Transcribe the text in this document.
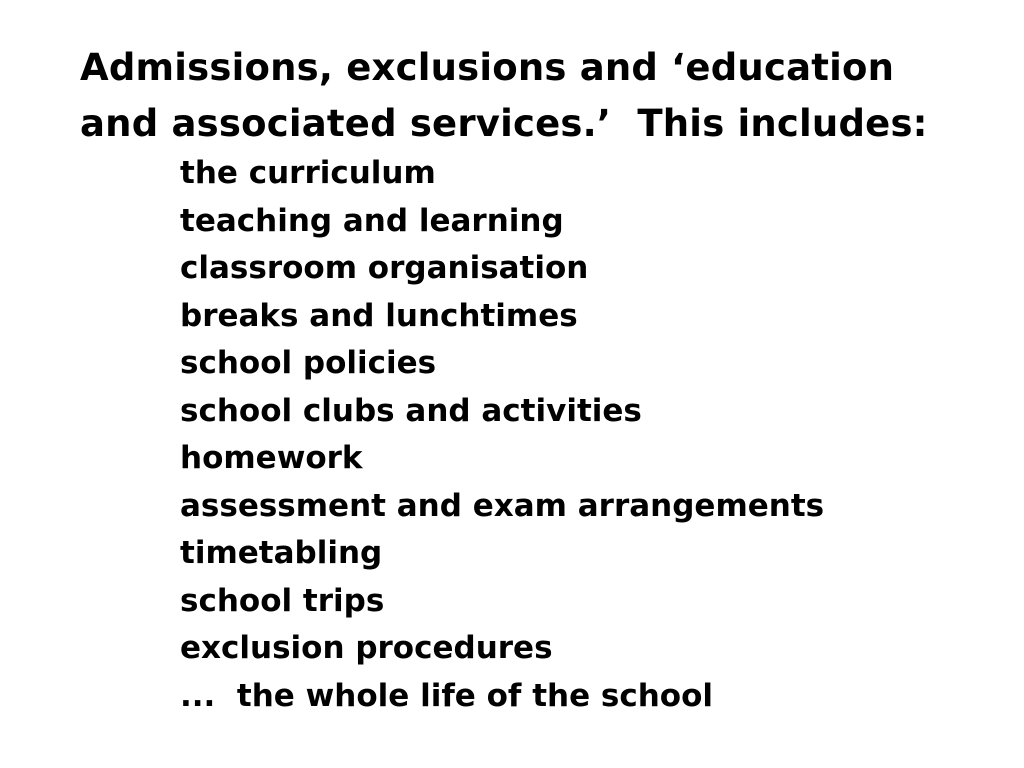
Admissions, exclusions and ‘education
and associated services.’  This includes:
the curriculum
teaching and learning
classroom organisation
breaks and lunchtimes
school policies
school clubs and activities
homework
assessment and exam arrangements
timetabling
school trips
exclusion procedures
...  the whole life of the school
